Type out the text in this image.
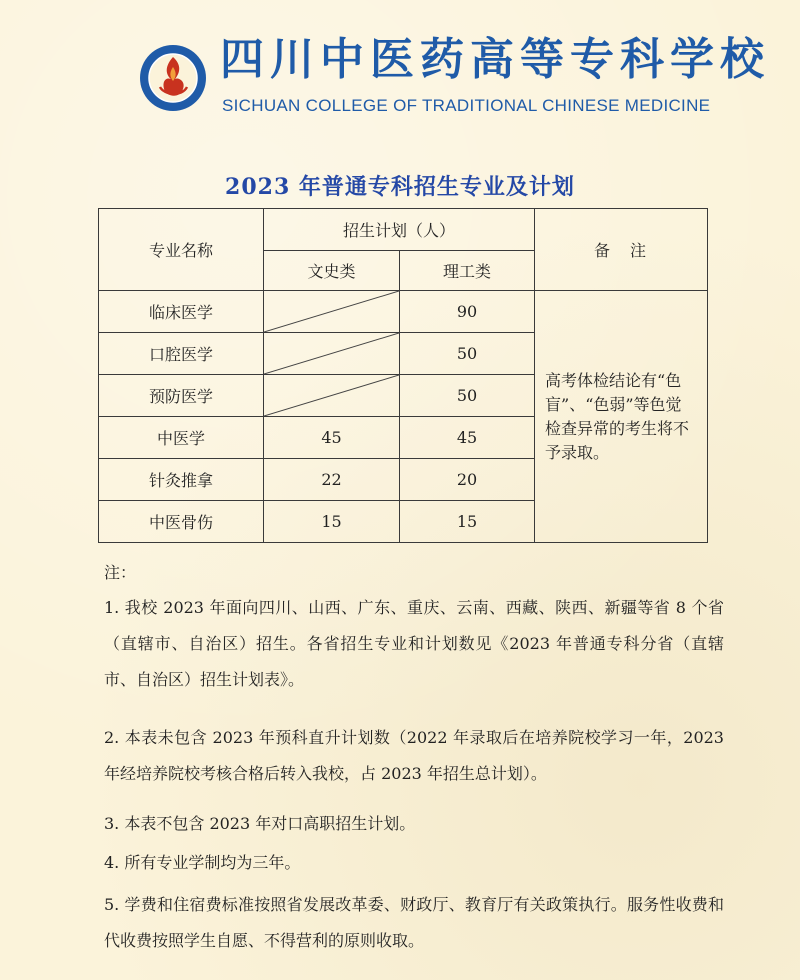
四川中医药高等专科学校
SICHUAN COLLEGE OF TRADITIONAL CHINESE MEDICINE
2023 年普通专科招生专业及计划
专业名称	招生计划（人）		备　注
	文史类	理工类	
临床医学		90	高考体检结论有“色盲”、“色弱”等色觉检查异常的考生将不予录取。

口腔医学		50	
预防医学		50	
中医学	45	45	
针灸推拿	22	20	
中医骨伤	15	15	
注：
1. 我校 2023 年面向四川、山西、广东、重庆、云南、西藏、陕西、新疆等省 8 个省（直辖市、自治区）招生。各省招生专业和计划数见《2023 年普通专科分省（直辖市、自治区）招生计划表》。
2. 本表未包含 2023 年预科直升计划数（2022 年录取后在培养院校学习一年，2023 年经培养院校考核合格后转入我校，占 2023 年招生总计划）。
3. 本表不包含 2023 年对口高职招生计划。
4. 所有专业学制均为三年。
5. 学费和住宿费标准按照省发展改革委、财政厅、教育厅有关政策执行。服务性收费和代收费按照学生自愿、不得营利的原则收取。
